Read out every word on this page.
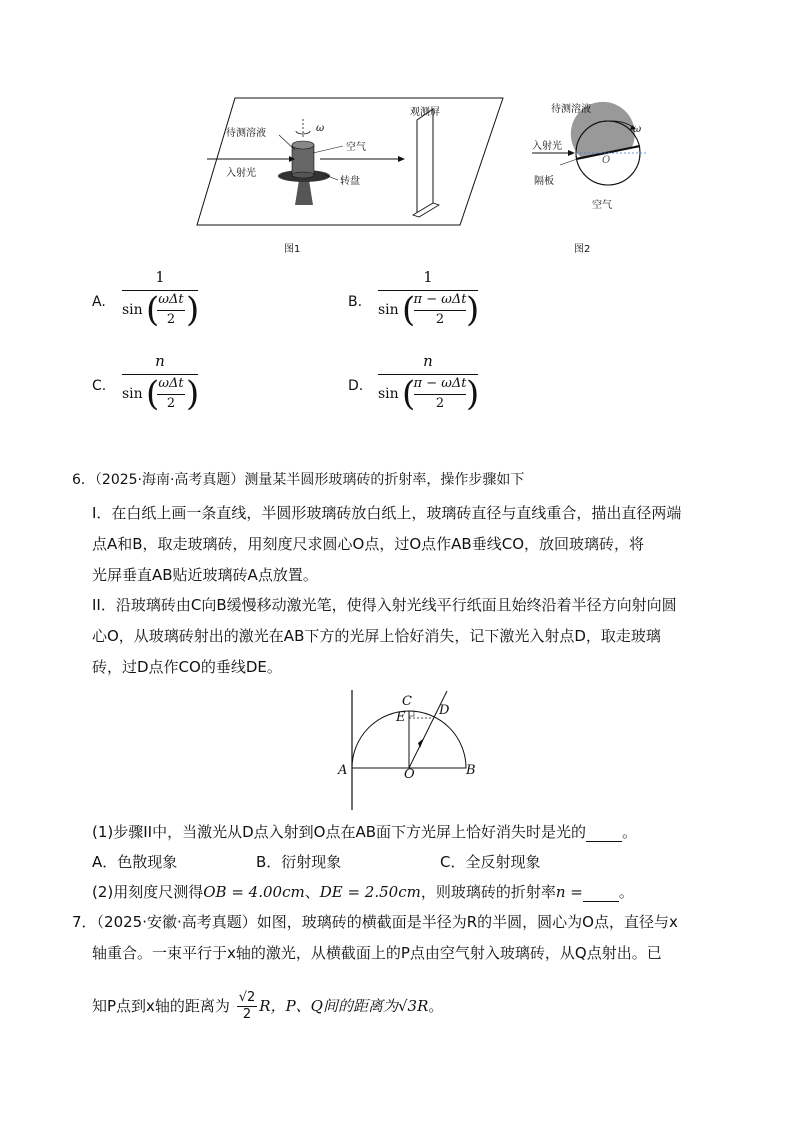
待测溶液	ω
空气
入射光
转盘
观测屏
图1
待测溶液
ω
入射光
隔板
O
空气
图2
A.
1
sin ( ωΔt
2 )	B.
1
sin (
π − ωΔt
2 )
C.
n
sin ( ωΔt
2 )	D.
n
sin (
π − ωΔt
2 )
6．（2025·海南·高考真题）测量某半圆形玻璃砖的折射率，操作步骤如下
I．在白纸上画一条直线，半圆形玻璃砖放白纸上，玻璃砖直径与直线重合，描出直径两端
点A和B，取走玻璃砖，用刻度尺求圆心O点，过O点作AB垂线CO，放回玻璃砖，将
光屏垂直AB贴近玻璃砖A点放置。
II．沿玻璃砖由C向B缓慢移动激光笔，使得入射光线平行纸面且始终沿着半径方向射向圆
心O，从玻璃砖射出的激光在AB下方的光屏上恰好消失，记下激光入射点D，取走玻璃
砖，过D点作CO的垂线DE。
C
E	D
A	O	B
(1)步骤II中，当激光从D点入射到O点在AB面下方光屏上恰好消失时是光的 。
A．色散现象	B．衍射现象	C．全反射现象
(2)用刻度尺测得OB = 4.00cm、DE = 2.50cm，则玻璃砖的折射率n = 。
7．（2025·安徽·高考真题）如图，玻璃砖的横截面是半径为R的半圆，圆心为O点，直径与x
轴重合。一束平行于x轴的激光，从横截面上的P点由空气射入玻璃砖，从Q点射出。已
知P点到x轴的距离为 $\frac{√2}{2}$ R，P、Q间的距离为√3R。
